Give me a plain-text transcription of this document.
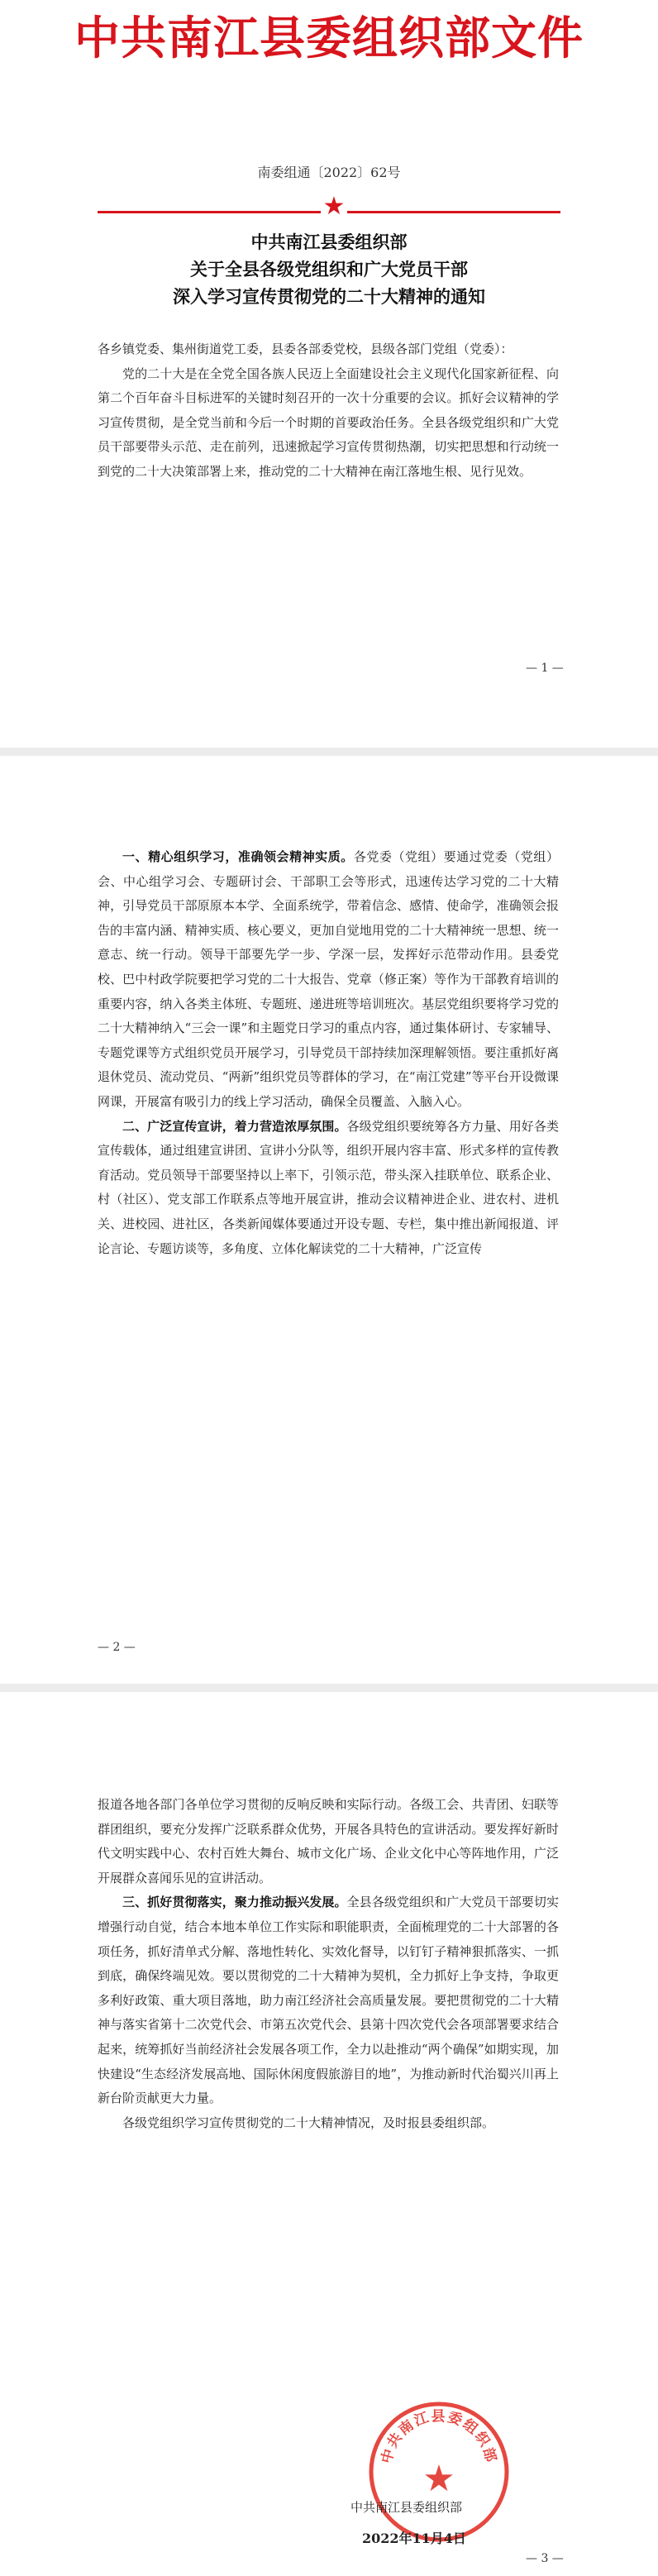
中共南江县委组织部文件
南委组通〔2022〕62号
★
中共南江县委组织部
关于全县各级党组织和广大党员干部
深入学习宣传贯彻党的二十大精神的通知

各乡镇党委、集州街道党工委，县委各部委党校，县级各部门党组（党委）：

党的二十大是在全党全国各族人民迈上全面建设社会主义现代化国家新征程、向第二个百年奋斗目标进军的关键时刻召开的一次十分重要的会议。抓好会议精神的学习宣传贯彻，是全党当前和今后一个时期的首要政治任务。全县各级党组织和广大党员干部要带头示范、走在前列，迅速掀起学习宣传贯彻热潮，切实把思想和行动统一到党的二十大决策部署上来，推动党的二十大精神在南江落地生根、见行见效。

— 1 —

一、精心组织学习，准确领会精神实质。各党委（党组）要通过党委（党组）会、中心组学习会、专题研讨会、干部职工会等形式，迅速传达学习党的二十大精神，引导党员干部原原本本学、全面系统学，带着信念、感情、使命学，准确领会报告的丰富内涵、精神实质、核心要义，更加自觉地用党的二十大精神统一思想、统一意志、统一行动。领导干部要先学一步、学深一层，发挥好示范带动作用。县委党校、巴中村政学院要把学习党的二十大报告、党章（修正案）等作为干部教育培训的重要内容，纳入各类主体班、专题班、递进班等培训班次。基层党组织要将学习党的二十大精神纳入“三会一课”和主题党日学习的重点内容，通过集体研讨、专家辅导、专题党课等方式组织党员开展学习，引导党员干部持续加深理解领悟。要注重抓好离退休党员、流动党员、“两新”组织党员等群体的学习，在“南江党建”等平台开设微课网课，开展富有吸引力的线上学习活动，确保全员覆盖、入脑入心。

二、广泛宣传宣讲，着力营造浓厚氛围。各级党组织要统筹各方力量、用好各类宣传载体，通过组建宣讲团、宣讲小分队等，组织开展内容丰富、形式多样的宣传教育活动。党员领导干部要坚持以上率下，引领示范，带头深入挂联单位、联系企业、村（社区）、党支部工作联系点等地开展宣讲，推动会议精神进企业、进农村、进机关、进校园、进社区，各类新闻媒体要通过开设专题、专栏，集中推出新闻报道、评论言论、专题访谈等，多角度、立体化解读党的二十大精神，广泛宣传

— 2 —

报道各地各部门各单位学习贯彻的反响反映和实际行动。各级工会、共青团、妇联等群团组织，要充分发挥广泛联系群众优势，开展各具特色的宣讲活动。要发挥好新时代文明实践中心、农村百姓大舞台、城市文化广场、企业文化中心等阵地作用，广泛开展群众喜闻乐见的宣讲活动。

三、抓好贯彻落实，聚力推动振兴发展。全县各级党组织和广大党员干部要切实增强行动自觉，结合本地本单位工作实际和职能职责，全面梳理党的二十大部署的各项任务，抓好清单式分解、落地性转化、实效化督导，以钉钉子精神狠抓落实、一抓到底，确保终端见效。要以贯彻党的二十大精神为契机，全力抓好上争支持，争取更多利好政策、重大项目落地，助力南江经济社会高质量发展。要把贯彻党的二十大精神与落实省第十二次党代会、市第五次党代会、县第十四次党代会各项部署要求结合起来，统筹抓好当前经济社会发展各项工作，全力以赴推动“两个确保”如期实现，加快建设“生态经济发展高地、国际休闲度假旅游目的地”，为推动新时代治蜀兴川再上新台阶贡献更大力量。

各级党组织学习宣传贯彻党的二十大精神情况，及时报县委组织部。

中共南江县委组织部
★
中共南江县委组织部
2022年11月4日
— 3 —
